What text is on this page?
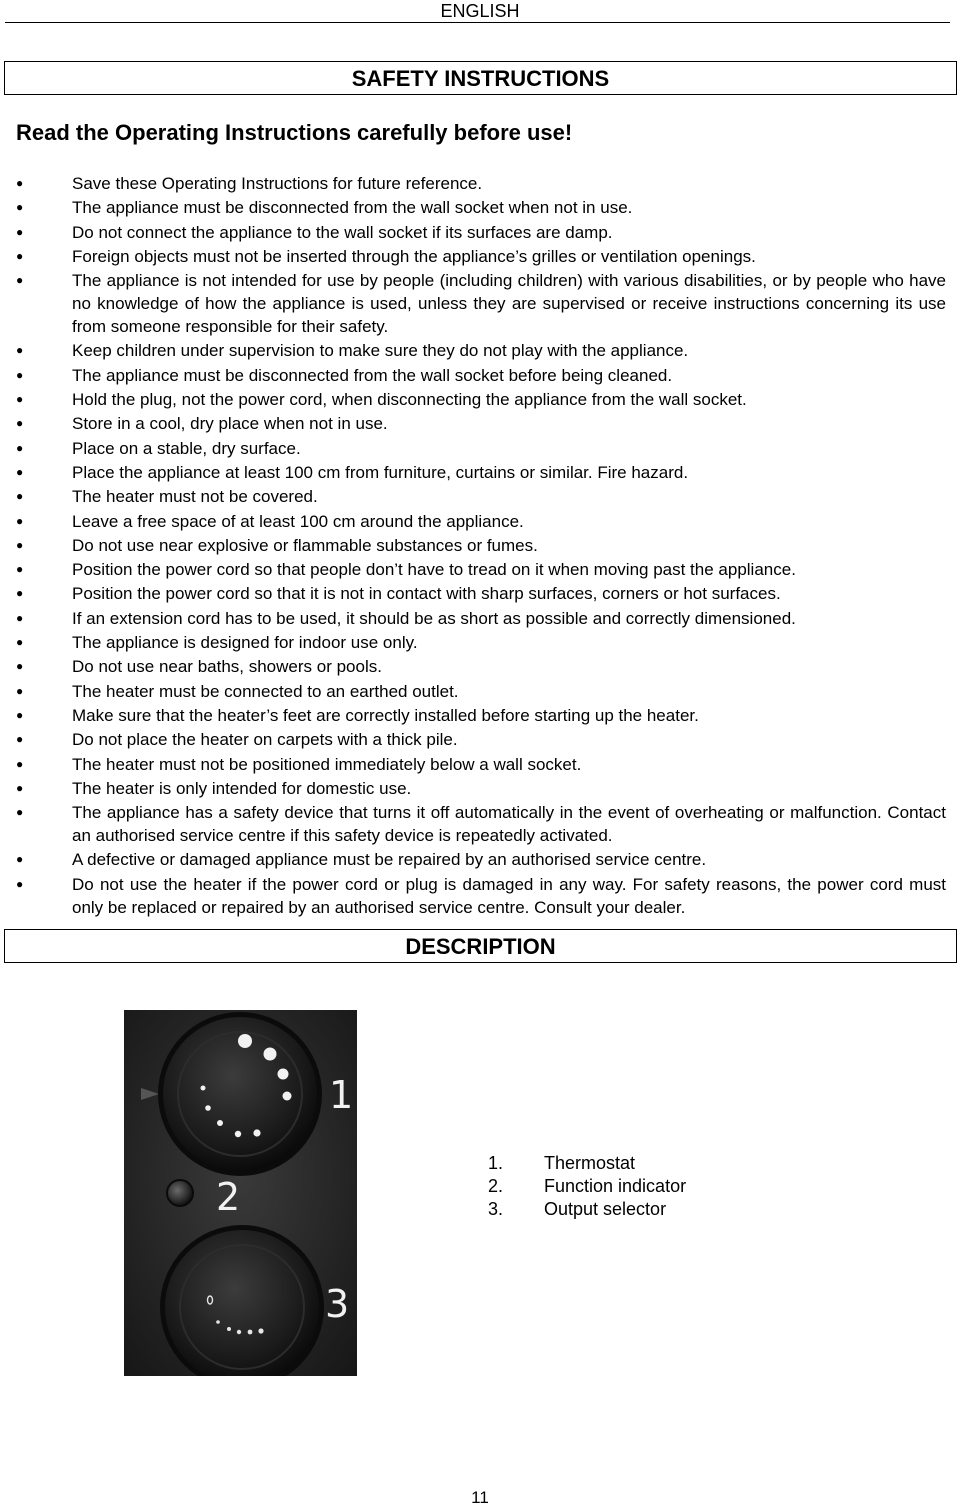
ENGLISH
SAFETY INSTRUCTIONS
Read the Operating Instructions carefully before use!
●	Save these Operating Instructions for future reference.
●	The appliance must be disconnected from the wall socket when not in use.
●	Do not connect the appliance to the wall socket if its surfaces are damp.
●	Foreign objects must not be inserted through the appliance’s grilles or ventilation openings.
●	The appliance is not intended for use by people (including children) with various disabilities, or by people who have no knowledge of how the appliance is used, unless they are supervised or receive instructions concerning its use from someone responsible for their safety.
●	Keep children under supervision to make sure they do not play with the appliance.
●	The appliance must be disconnected from the wall socket before being cleaned.
●	Hold the plug, not the power cord, when disconnecting the appliance from the wall socket.
●	Store in a cool, dry place when not in use.
●	Place on a stable, dry surface.
●	Place the appliance at least 100 cm from furniture, curtains or similar. Fire hazard.
●	The heater must not be covered.
●	Leave a free space of at least 100 cm around the appliance.
●	Do not use near explosive or flammable substances or fumes.
●	Position the power cord so that people don’t have to tread on it when moving past the appliance.
●	Position the power cord so that it is not in contact with sharp surfaces, corners or hot surfaces.
●	If an extension cord has to be used, it should be as short as possible and correctly dimensioned.
●	The appliance is designed for indoor use only.
●	Do not use near baths, showers or pools.
●	The heater must be connected to an earthed outlet.
●	Make sure that the heater’s feet are correctly installed before starting up the heater.
●	Do not place the heater on carpets with a thick pile.
●	The heater must not be positioned immediately below a wall socket.
●	The heater is only intended for domestic use.
●	The appliance has a safety device that turns it off automatically in the event of overheating or malfunction. Contact an authorised service centre if this safety device is repeatedly activated.
●	A defective or damaged appliance must be repaired by an authorised service centre.
●	Do not use the heater if the power cord or plug is damaged in any way. For safety reasons, the power cord must only be replaced or repaired by an authorised service centre. Consult your dealer.
DESCRIPTION
1
2
3
1.	Thermostat
2.	Function indicator
3.	Output selector
11
